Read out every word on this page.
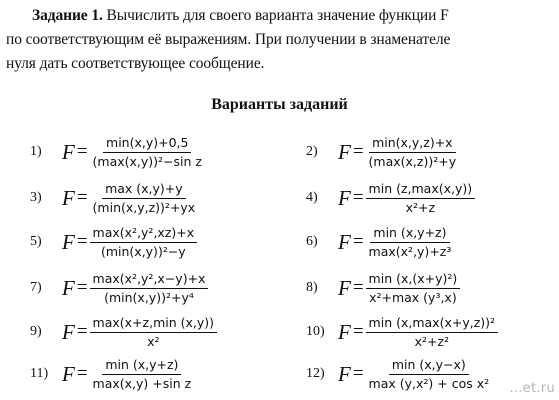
Задание 1. Вычислить для своего варианта значение функции F
по соответствующим её выражениям. При получении в знаменателе
нуля дать соответствующее сообщение.
Варианты заданий
1) $F = \frac{\min(x,y)+0,5}{\text{(max(x,y))²−sin z}}$	2) $F = \frac{\min(x,y,z)+x}{\text{(max(x,z))²+y}}$
3) $F = \frac{\max (x,y)+y}{\text{(min(x,y,z))²+yx}}$	4) $F = \frac{\min (z,\max(x,y))}{\text{x²+z}}$
5) $F = \frac{\text{max(x²,y²,xz)+x}}{\text{(min(x,y))²−y}}$	6) $F = \frac{\min (x,y+z)}{\text{max(x²,y)+z³}}$
7) $F = \frac{\text{max(x²,y²,x−y)+x}}{\text{(min(x,y))²+y⁴}}$	8) $F = \frac{\text{min (x,(x+y)²)}}{\text{x²+max (y³,x)}}$
9) $F = \frac{\max(x+z,\min (x,y))}{\text{x²}}$	10) $F = \frac{\text{min (x,max(x+y,z))²}}{\text{x²+z²}}$
11) $F = \frac{\min (x,y+z)}{\text{max(x,y) +sin z}}$	12) $F = \frac{\min (x,y-x)}{\text{max (y,x²) + cos x²}}$ …et.ru
